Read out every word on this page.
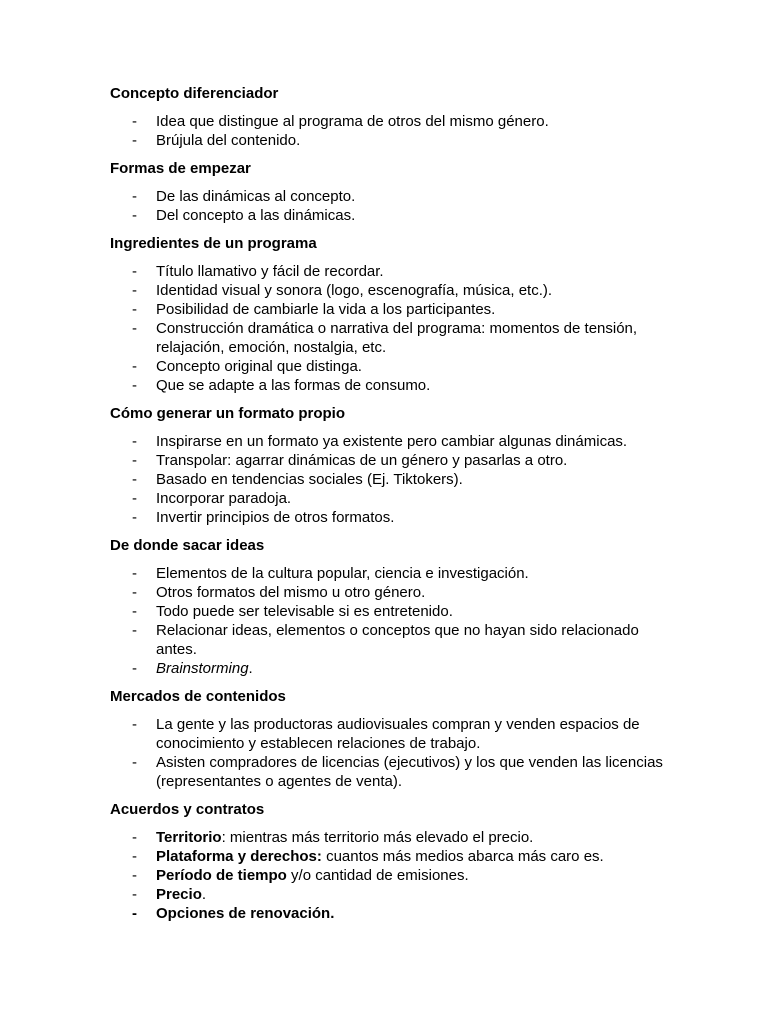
Concepto diferenciador
- Idea que distingue al programa de otros del mismo género.
- Brújula del contenido.
Formas de empezar
- De las dinámicas al concepto.
- Del concepto a las dinámicas.
Ingredientes de un programa
- Título llamativo y fácil de recordar.
- Identidad visual y sonora (logo, escenografía, música, etc.).
- Posibilidad de cambiarle la vida a los participantes.
- Construcción dramática o narrativa del programa: momentos de tensión, relajación, emoción, nostalgia, etc.
- Concepto original que distinga.
- Que se adapte a las formas de consumo.
Cómo generar un formato propio
- Inspirarse en un formato ya existente pero cambiar algunas dinámicas.
- Transpolar: agarrar dinámicas de un género y pasarlas a otro.
- Basado en tendencias sociales (Ej. Tiktokers).
- Incorporar paradoja.
- Invertir principios de otros formatos.
De donde sacar ideas
- Elementos de la cultura popular, ciencia e investigación.
- Otros formatos del mismo u otro género.
- Todo puede ser televisable si es entretenido.
- Relacionar ideas, elementos o conceptos que no hayan sido relacionado antes.
- Brainstorming.
Mercados de contenidos
- La gente y las productoras audiovisuales compran y venden espacios de conocimiento y establecen relaciones de trabajo.
- Asisten compradores de licencias (ejecutivos) y los que venden las licencias (representantes o agentes de venta).
Acuerdos y contratos
- Territorio: mientras más territorio más elevado el precio.
- Plataforma y derechos: cuantos más medios abarca más caro es.
- Período de tiempo y/o cantidad de emisiones.
- Precio.
- Opciones de renovación.
